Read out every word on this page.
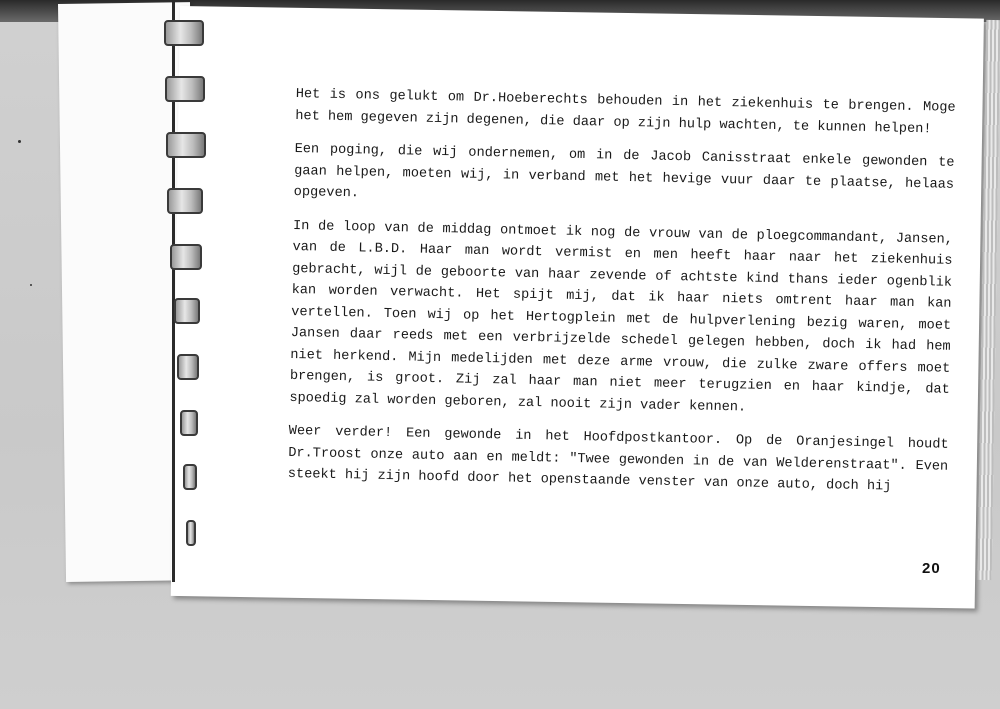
Het is ons gelukt om Dr.Hoeberechts behouden in het ziekenhuis te brengen. Moge het hem gegeven zijn degenen, die daar op zijn hulp wachten, te kunnen helpen!

Een poging, die wij ondernemen, om in de Jacob Canisstraat enkele gewonden te gaan helpen, moeten wij, in verband met het hevige vuur daar te plaatse, helaas opgeven.

In de loop van de middag ontmoet ik nog de vrouw van de ploegcommandant, Jansen, van de L.B.D. Haar man wordt vermist en men heeft haar naar het ziekenhuis gebracht, wijl de geboorte van haar zevende of achtste kind thans ieder ogenblik kan worden verwacht. Het spijt mij, dat ik haar niets omtrent haar man kan vertellen. Toen wij op het Hertogplein met de hulpverlening bezig waren, moet Jansen daar reeds met een verbrijzelde schedel gelegen hebben, doch ik had hem niet herkend. Mijn medelijden met deze arme vrouw, die zulke zware offers moet brengen, is groot. Zij zal haar man niet meer terugzien en haar kindje, dat spoedig zal worden geboren, zal nooit zijn vader kennen.

Weer verder! Een gewonde in het Hoofdpostkantoor. Op de Oranjesingel houdt Dr.Troost onze auto aan en meldt: "Twee gewonden in de van Welderenstraat". Even steekt hij zijn hoofd door het openstaande venster van onze auto, doch hij

20
